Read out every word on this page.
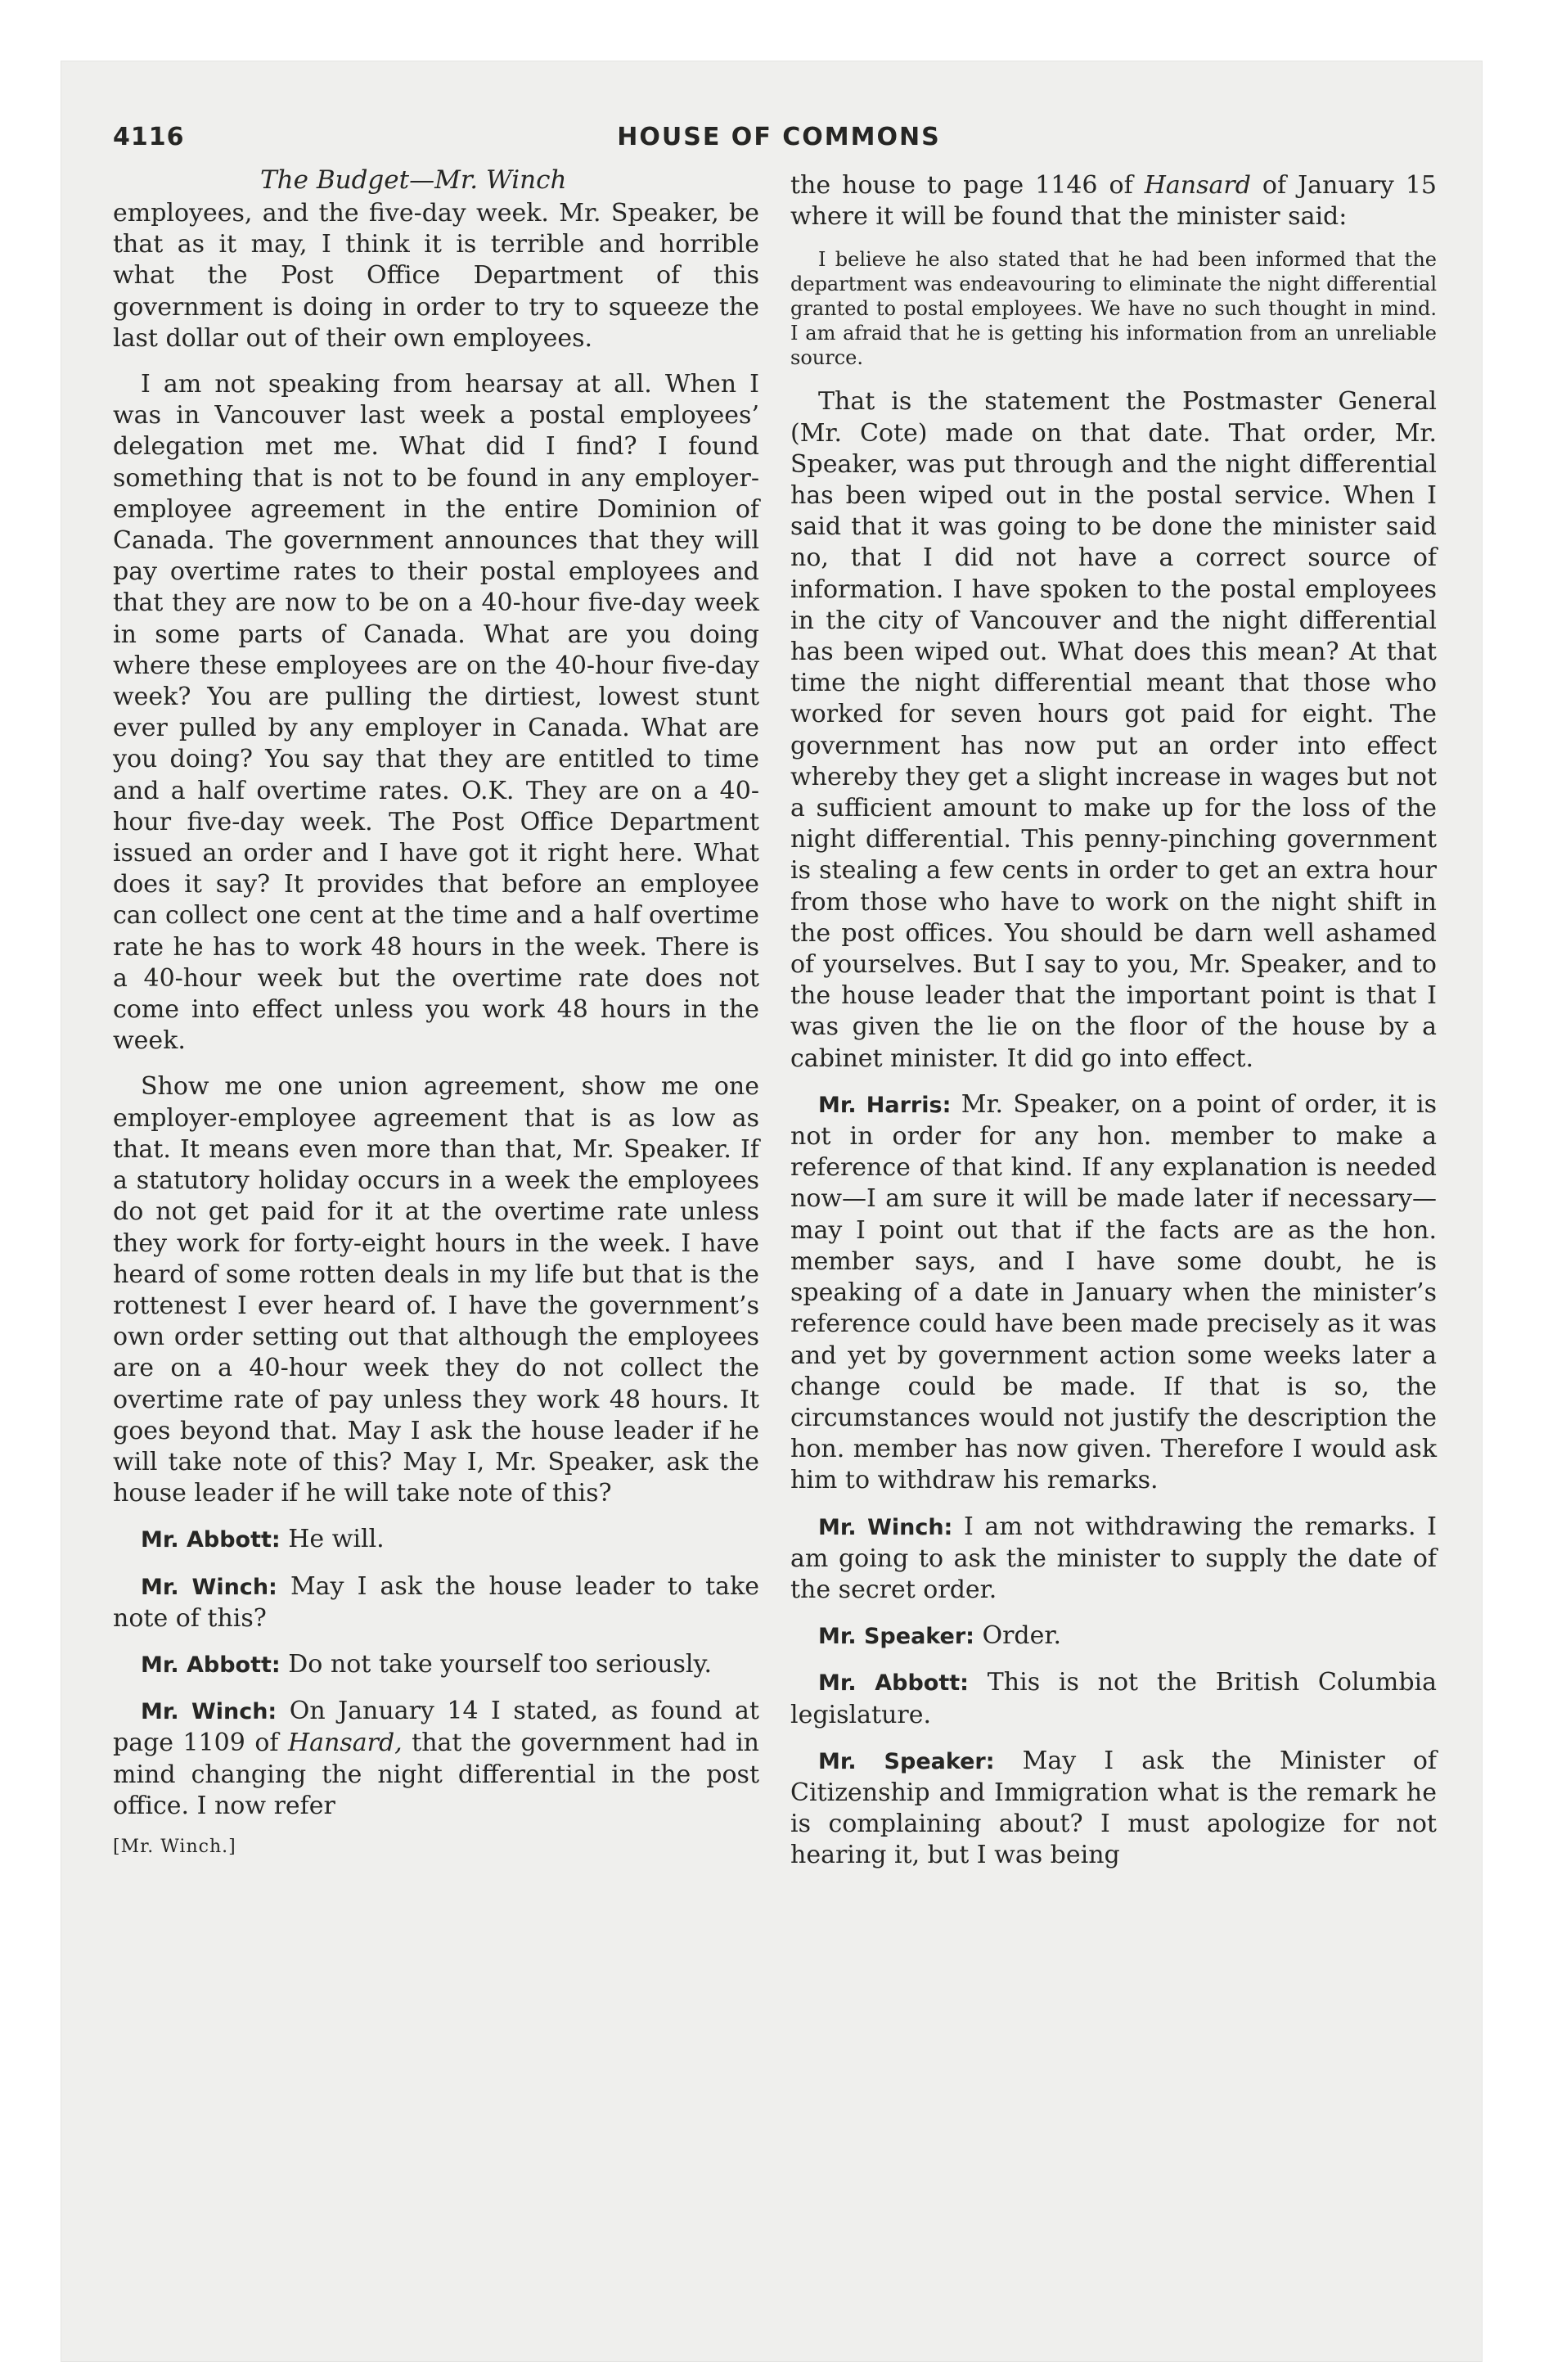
4116	HOUSE OF COMMONS
The Budget—Mr. Winch

employees, and the five-day week. Mr. Speaker, be that as it may, I think it is terrible and horrible what the Post Office Department of this government is doing in order to try to squeeze the last dollar out of their own employees.

I am not speaking from hearsay at all. When I was in Vancouver last week a postal employees’ delegation met me. What did I find? I found something that is not to be found in any employer-employee agreement in the entire Dominion of Canada. The government announces that they will pay overtime rates to their postal employees and that they are now to be on a 40-hour five-day week in some parts of Canada. What are you doing where these employees are on the 40-hour five-day week? You are pulling the dirtiest, lowest stunt ever pulled by any employer in Canada. What are you doing? You say that they are entitled to time and a half overtime rates. O.K. They are on a 40-hour five-day week. The Post Office Department issued an order and I have got it right here. What does it say? It provides that before an employee can collect one cent at the time and a half overtime rate he has to work 48 hours in the week. There is a 40-hour week but the overtime rate does not come into effect unless you work 48 hours in the week.

Show me one union agreement, show me one employer-employee agreement that is as low as that. It means even more than that, Mr. Speaker. If a statutory holiday occurs in a week the employees do not get paid for it at the overtime rate unless they work for forty-eight hours in the week. I have heard of some rotten deals in my life but that is the rottenest I ever heard of. I have the government’s own order setting out that although the employees are on a 40-hour week they do not collect the overtime rate of pay unless they work 48 hours. It goes beyond that. May I ask the house leader if he will take note of this? May I, Mr. Speaker, ask the house leader if he will take note of this?

Mr. Abbott: He will.

Mr. Winch: May I ask the house leader to take note of this?

Mr. Abbott: Do not take yourself too seriously.

Mr. Winch: On January 14 I stated, as found at page 1109 of Hansard, that the government had in mind changing the night differential in the post office. I now refer

[Mr. Winch.]

the house to page 1146 of Hansard of January 15 where it will be found that the minister said:

I believe he also stated that he had been informed that the department was endeavouring to eliminate the night differential granted to postal employees. We have no such thought in mind. I am afraid that he is getting his information from an unreliable source.

That is the statement the Postmaster General (Mr. Cote) made on that date. That order, Mr. Speaker, was put through and the night differential has been wiped out in the postal service. When I said that it was going to be done the minister said no, that I did not have a correct source of information. I have spoken to the postal employees in the city of Vancouver and the night differential has been wiped out. What does this mean? At that time the night differential meant that those who worked for seven hours got paid for eight. The government has now put an order into effect whereby they get a slight increase in wages but not a sufficient amount to make up for the loss of the night differential. This penny-pinching government is stealing a few cents in order to get an extra hour from those who have to work on the night shift in the post offices. You should be darn well ashamed of yourselves. But I say to you, Mr. Speaker, and to the house leader that the important point is that I was given the lie on the floor of the house by a cabinet minister. It did go into effect.

Mr. Harris: Mr. Speaker, on a point of order, it is not in order for any hon. member to make a reference of that kind. If any explanation is needed now—I am sure it will be made later if necessary—may I point out that if the facts are as the hon. member says, and I have some doubt, he is speaking of a date in January when the minister’s reference could have been made precisely as it was and yet by government action some weeks later a change could be made. If that is so, the circumstances would not justify the description the hon. member has now given. Therefore I would ask him to withdraw his remarks.

Mr. Winch: I am not withdrawing the remarks. I am going to ask the minister to supply the date of the secret order.

Mr. Speaker: Order.

Mr. Abbott: This is not the British Columbia legislature.

Mr. Speaker: May I ask the Minister of Citizenship and Immigration what is the remark he is complaining about? I must apologize for not hearing it, but I was being
